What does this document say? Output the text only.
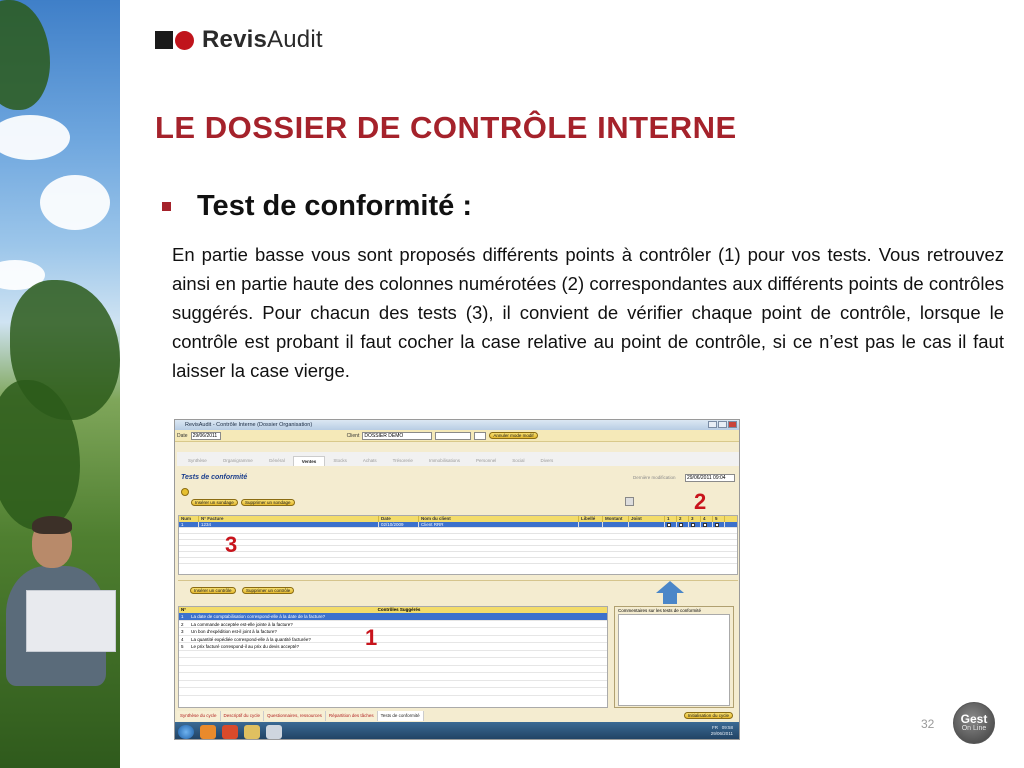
RevisAudit
LE DOSSIER DE CONTRÔLE INTERNE
Test de conformité :
En partie basse vous sont proposés différents points à contrôler (1) pour vos tests. Vous retrouvez ainsi en partie haute des colonnes numérotées (2) correspondantes aux différents points de contrôles suggérés. Pour chacun des tests (3), il convient de vérifier chaque point de contrôle, lorsque le contrôle est probant il faut cocher la case relative au point de contrôle, si ce n’est pas le cas il faut laisser la case vierge.
RevisAudit - Contrôle Interne (Dossier Organisation)
Date	29/06/2011	Client	DOSSIER DEMO	Annuler mode modif
Synthèse	Organigramme	Général	Ventes	Stocks	Achats	Trésorerie	Immobilisations	Personnel	Social	Divers
Tests de conformité	Dernière modification	29/06/2011 09:04
Insérer un sondage	Supprimer un sondage
Num	N° Facture	Date	Nom du client	Libellé	Montant	Joint	1	2	3	4	5
1	1234	02/10/2009	Client RRR
Insérer un contrôle	Supprimer un contrôle
N°	Contrôles Suggérés
1	La date de comptabilisation correspond-elle à la date de la facture?
2	La commande acceptée est-elle jointe à la facture?
3	Un bon d'expédition est-il joint à la facture?
4	La quantité expédiée correspond-elle à la quantité facturée?
5	Le prix facturé correspond-il au prix du devis accepté?
Commentaires sur les tests de conformité
Synthèse du cycle	Descriptif du cycle	Questionnaires, ressources	Répartition des tâches	Tests de conformité	Initialisation du cycle
FR 09:58
29/06/2011
2
3
1
32 Gest
On Line
